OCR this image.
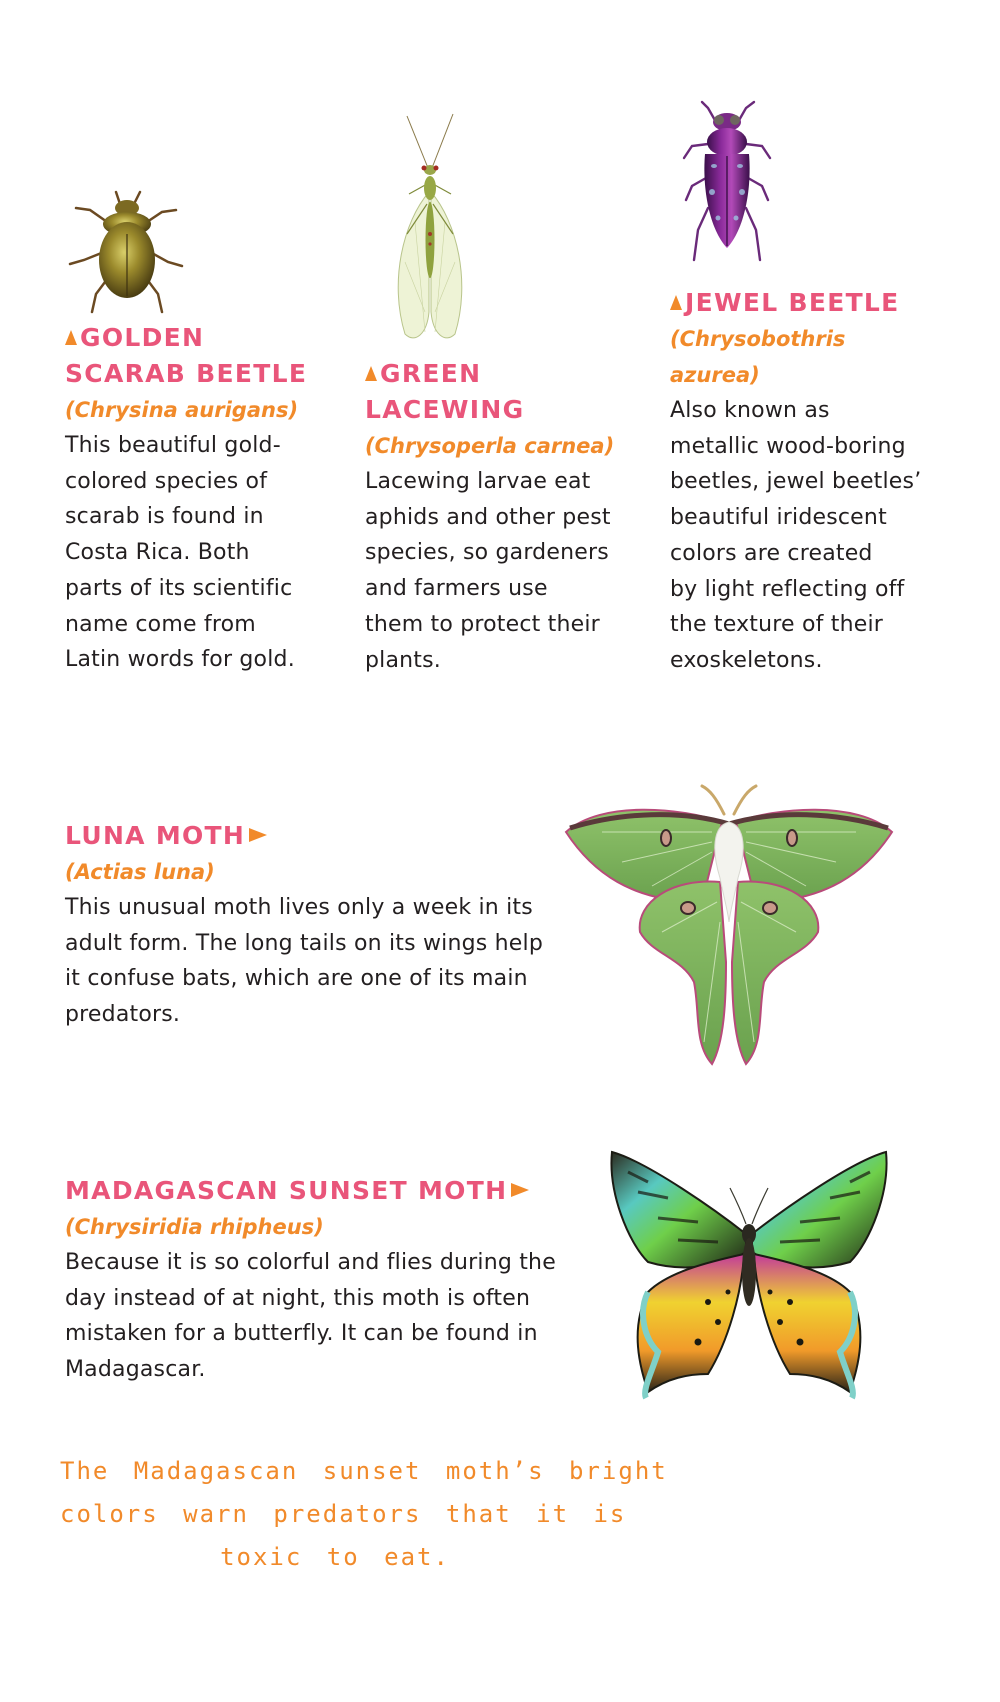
GOLDEN
SCARAB BEETLE
(Chrysina aurigans)
This beautiful gold-
colored species of
scarab is found in
Costa Rica. Both
parts of its scientific
name come from
Latin words for gold.
GREEN
LACEWING
(Chrysoperla carnea)
Lacewing larvae eat
aphids and other pest
species, so gardeners
and farmers use
them to protect their
plants.
JEWEL BEETLE
(Chrysobothris
azurea)
Also known as
metallic wood-boring
beetles, jewel beetles’
beautiful iridescent
colors are created
by light reflecting off
the texture of their
exoskeletons.
LUNA MOTH
(Actias luna)
This unusual moth lives only a week in its
adult form. The long tails on its wings help
it confuse bats, which are one of its main
predators.
MADAGASCAN SUNSET MOTH
(Chrysiridia rhipheus)
Because it is so colorful and flies during the
day instead of at night, this moth is often
mistaken for a butterfly. It can be found in
Madagascar.
The Madagascan sunset moth’s bright
colors warn predators that it is
toxic to eat.
